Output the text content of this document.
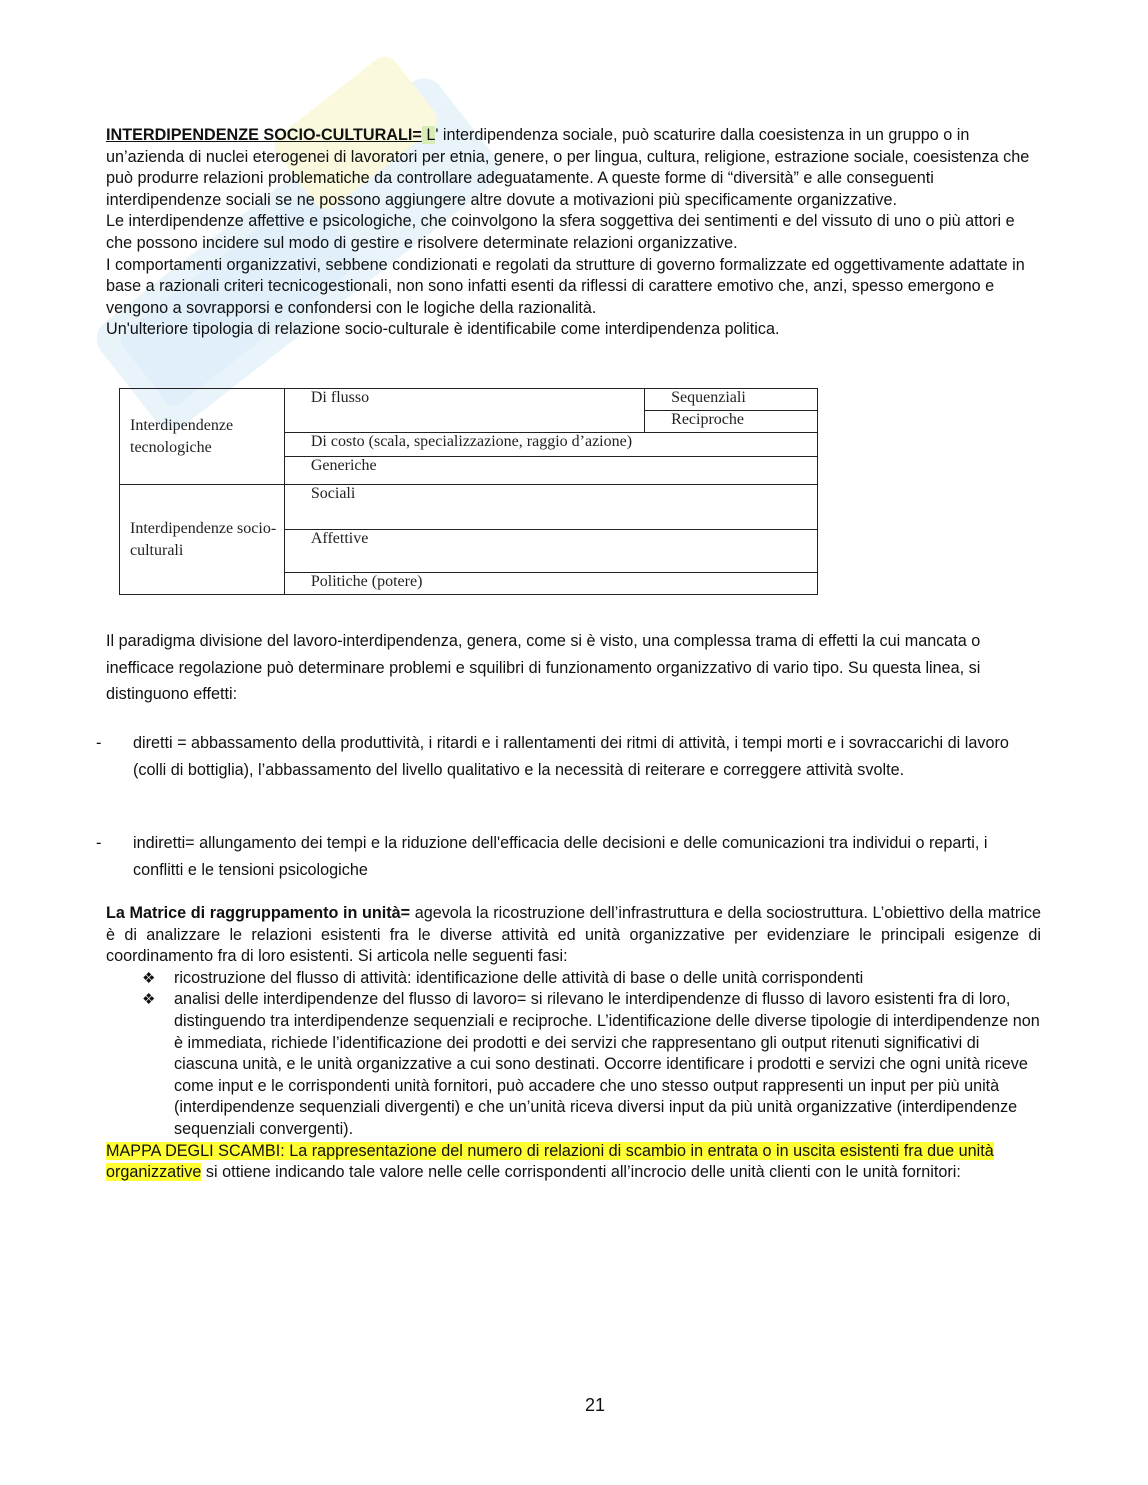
INTERDIPENDENZE SOCIO-CULTURALI= L' interdipendenza sociale, può scaturire dalla coesistenza in un gruppo o in un’azienda di nuclei eterogenei di lavoratori per etnia, genere, o per lingua, cultura, religione, estrazione sociale, coesistenza che può produrre relazioni problematiche da controllare adeguatamente. A queste forme di “diversità” e alle conseguenti interdipendenze sociali se ne possono aggiungere altre dovute a motivazioni più specificamente organizzative.

Le interdipendenze affettive e psicologiche, che coinvolgono la sfera soggettiva dei sentimenti e del vissuto di uno o più attori e che possono incidere sul modo di gestire e risolvere determinate relazioni organizzative.

I comportamenti organizzativi, sebbene condizionati e regolati da strutture di governo formalizzate ed oggettivamente adattate in base a razionali criteri tecnicogestionali, non sono infatti esenti da riflessi di carattere emotivo che, anzi, spesso emergono e vengono a sovrapporsi e confondersi con le logiche della razionalità.

Un'ulteriore tipologia di relazione socio-culturale è identificabile come interdipendenza politica.

Interdipendenze tecnologiche	Di flusso	Sequenziali
		Reciproche
	Di costo (scala, specializzazione, raggio d’azione)	
	Generiche	
Interdipendenze socio-culturali	Sociali	
	Affettive	
	Politiche (potere)	
Il paradigma divisione del lavoro-interdipendenza, genera, come si è visto, una complessa trama di effetti la cui mancata o inefficace regolazione può determinare problemi e squilibri di funzionamento organizzativo di vario tipo. Su questa linea, si distinguono effetti:
-	diretti = abbassamento della produttività, i ritardi e i rallentamenti dei ritmi di attività, i tempi morti e i sovraccarichi di lavoro (colli di bottiglia), l’abbassamento del livello qualitativo e la necessità di reiterare e correggere attività svolte.
-	indiretti= allungamento dei tempi e la riduzione dell'efficacia delle decisioni e delle comunicazioni tra individui o reparti, i conflitti e le tensioni psicologiche

La Matrice di raggruppamento in unità= agevola la ricostruzione dell’infrastruttura e della sociostruttura. L’obiettivo della matrice è di analizzare le relazioni esistenti fra le diverse attività ed unità organizzative per evidenziare le principali esigenze di coordinamento fra di loro esistenti. Si articola nelle seguenti fasi:

❖	ricostruzione del flusso di attività: identificazione delle attività di base o delle unità corrispondenti
❖	analisi delle interdipendenze del flusso di lavoro= si rilevano le interdipendenze di flusso di lavoro esistenti fra di loro, distinguendo tra interdipendenze sequenziali e reciproche. L’identificazione delle diverse tipologie di interdipendenze non è immediata, richiede l’identificazione dei prodotti e dei servizi che rappresentano gli output ritenuti significativi di ciascuna unità, e le unità organizzative a cui sono destinati. Occorre identificare i prodotti e servizi che ogni unità riceve come input e le corrispondenti unità fornitori, può accadere che uno stesso output rappresenti un input per più unità (interdipendenze sequenziali divergenti) e che un’unità riceva diversi input da più unità organizzative (interdipendenze sequenziali convergenti).

MAPPA DEGLI SCAMBI: La rappresentazione del numero di relazioni di scambio in entrata o in uscita esistenti fra due unità organizzative si ottiene indicando tale valore nelle celle corrispondenti all’incrocio delle unità clienti con le unità fornitori:

21
